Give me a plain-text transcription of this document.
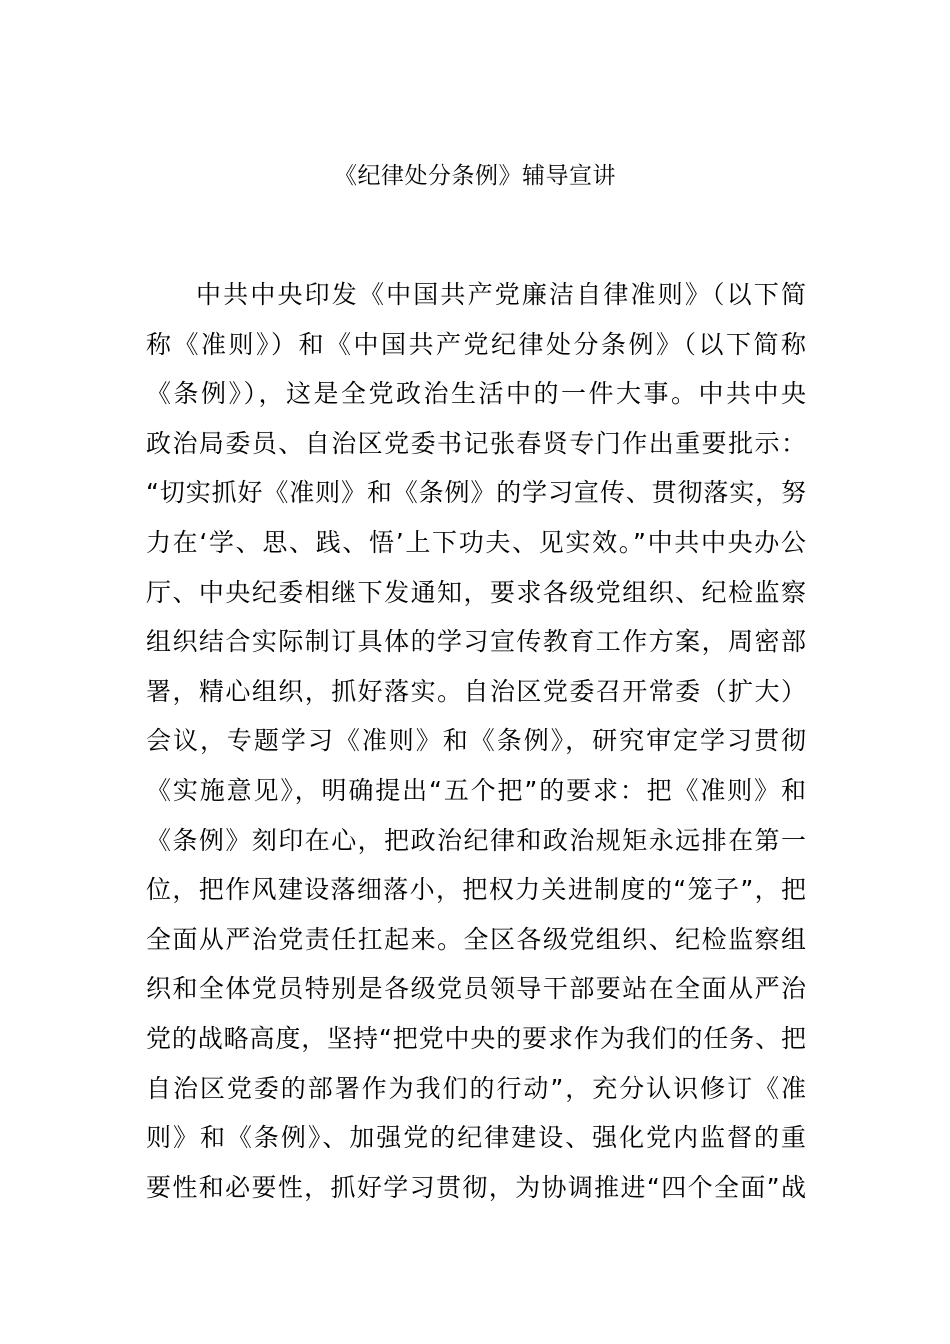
《纪律处分条例》辅导宣讲
中共中央印发《中国共产党廉洁自律准则》（以下简
称《准则》）和《中国共产党纪律处分条例》（以下简称
《条例》），这是全党政治生活中的一件大事。中共中央
政治局委员、自治区党委书记张春贤专门作出重要批示：
“切实抓好《准则》和《条例》的学习宣传、贯彻落实，努
力在‘学、思、践、悟’上下功夫、见实效。”中共中央办公
厅、中央纪委相继下发通知，要求各级党组织、纪检监察
组织结合实际制订具体的学习宣传教育工作方案，周密部
署，精心组织，抓好落实。自治区党委召开常委（扩大）
会议，专题学习《准则》和《条例》，研究审定学习贯彻
《实施意见》，明确提出“五个把”的要求：把《准则》和
《条例》刻印在心，把政治纪律和政治规矩永远排在第一
位，把作风建设落细落小，把权力关进制度的“笼子”，把
全面从严治党责任扛起来。全区各级党组织、纪检监察组
织和全体党员特别是各级党员领导干部要站在全面从严治
党的战略高度，坚持“把党中央的要求作为我们的任务、把
自治区党委的部署作为我们的行动”，充分认识修订《准
则》和《条例》、加强党的纪律建设、强化党内监督的重
要性和必要性，抓好学习贯彻，为协调推进“四个全面”战
